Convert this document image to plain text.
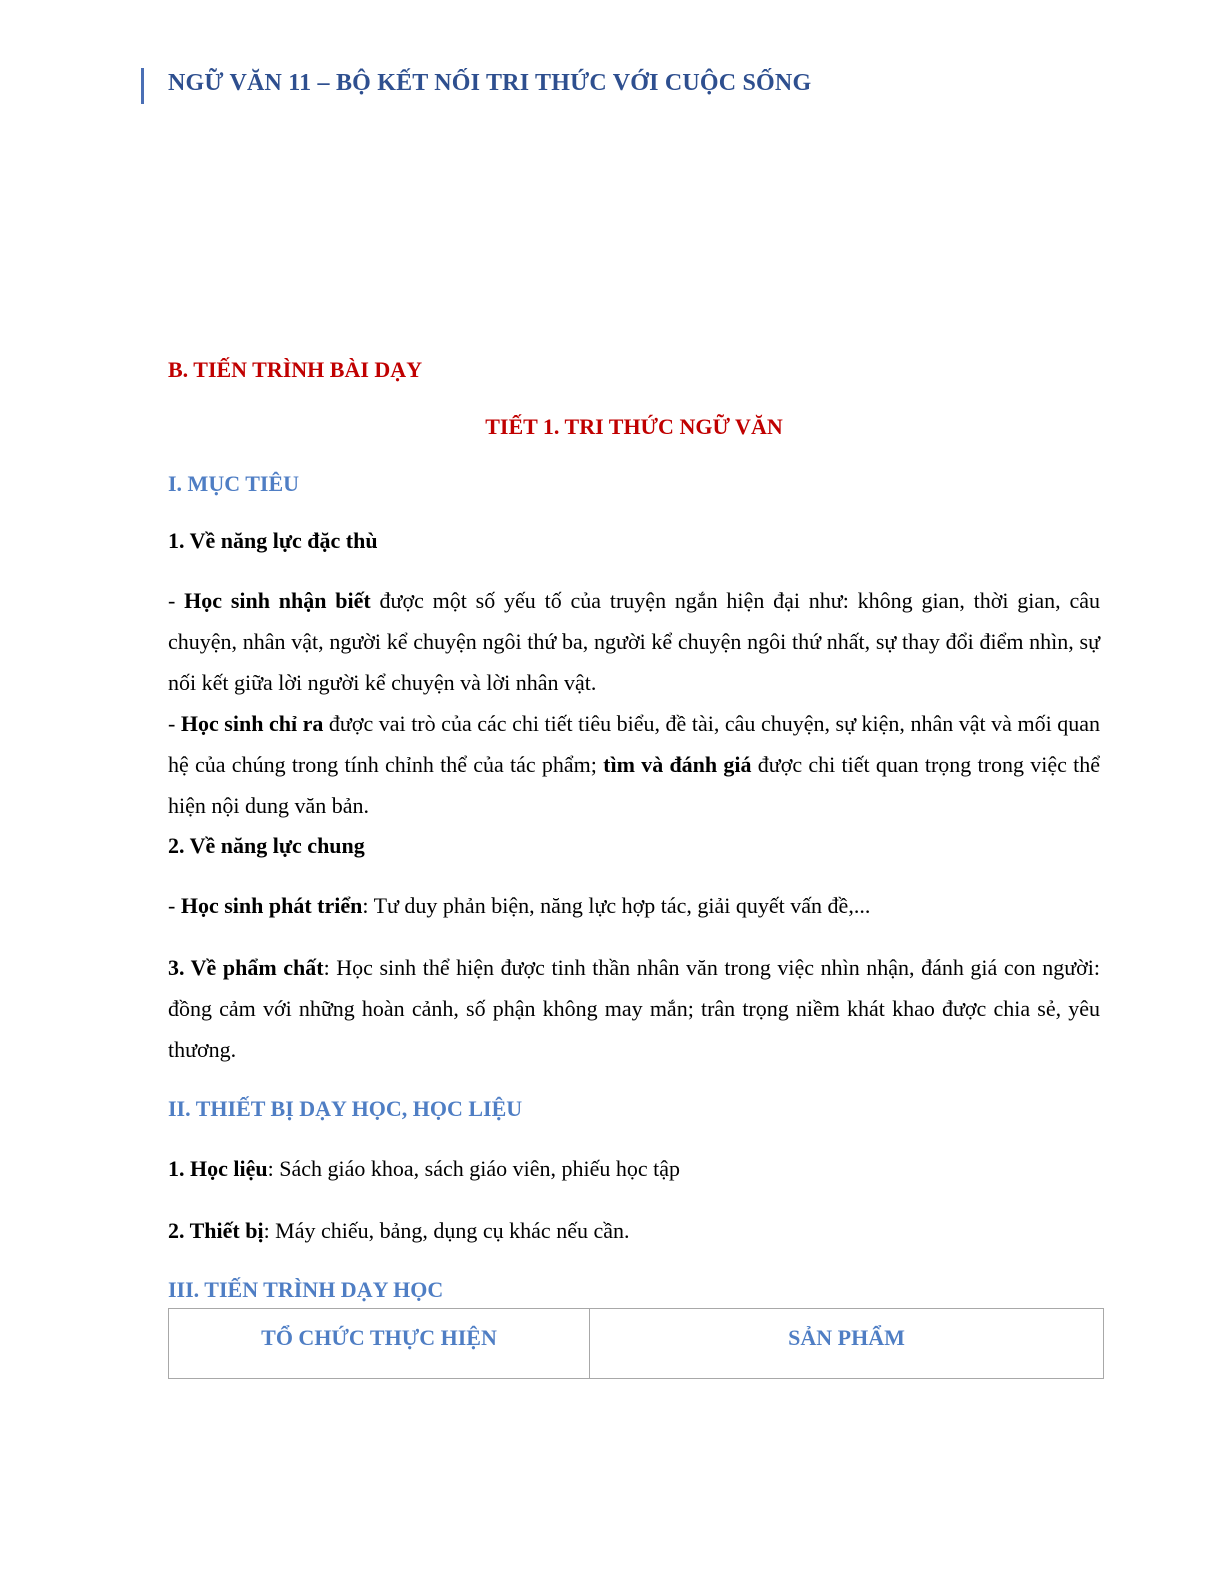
NGỮ VĂN 11 – BỘ KẾT NỐI TRI THỨC VỚI CUỘC SỐNG

B. TIẾN TRÌNH BÀI DẠY

TIẾT 1. TRI THỨC NGỮ VĂN

I. MỤC TIÊU

1. Về năng lực đặc thù

- Học sinh nhận biết được một số yếu tố của truyện ngắn hiện đại như: không gian, thời gian, câu chuyện, nhân vật, người kể chuyện ngôi thứ ba, người kể chuyện ngôi thứ nhất, sự thay đổi điểm nhìn, sự nối kết giữa lời người kể chuyện và lời nhân vật.

- Học sinh chỉ ra được vai trò của các chi tiết tiêu biểu, đề tài, câu chuyện, sự kiện, nhân vật và mối quan hệ của chúng trong tính chỉnh thể của tác phẩm; tìm và đánh giá được chi tiết quan trọng trong việc thể hiện nội dung văn bản.

2. Về năng lực chung

- Học sinh phát triển: Tư duy phản biện, năng lực hợp tác, giải quyết vấn đề,...

3. Về phẩm chất: Học sinh thể hiện được tinh thần nhân văn trong việc nhìn nhận, đánh giá con người: đồng cảm với những hoàn cảnh, số phận không may mắn; trân trọng niềm khát khao được chia sẻ, yêu thương.

II. THIẾT BỊ DẠY HỌC, HỌC LIỆU

1. Học liệu: Sách giáo khoa, sách giáo viên, phiếu học tập

2. Thiết bị: Máy chiếu, bảng, dụng cụ khác nếu cần.

III. TIẾN TRÌNH DẠY HỌC

TỔ CHỨC THỰC HIỆN	SẢN PHẨM
